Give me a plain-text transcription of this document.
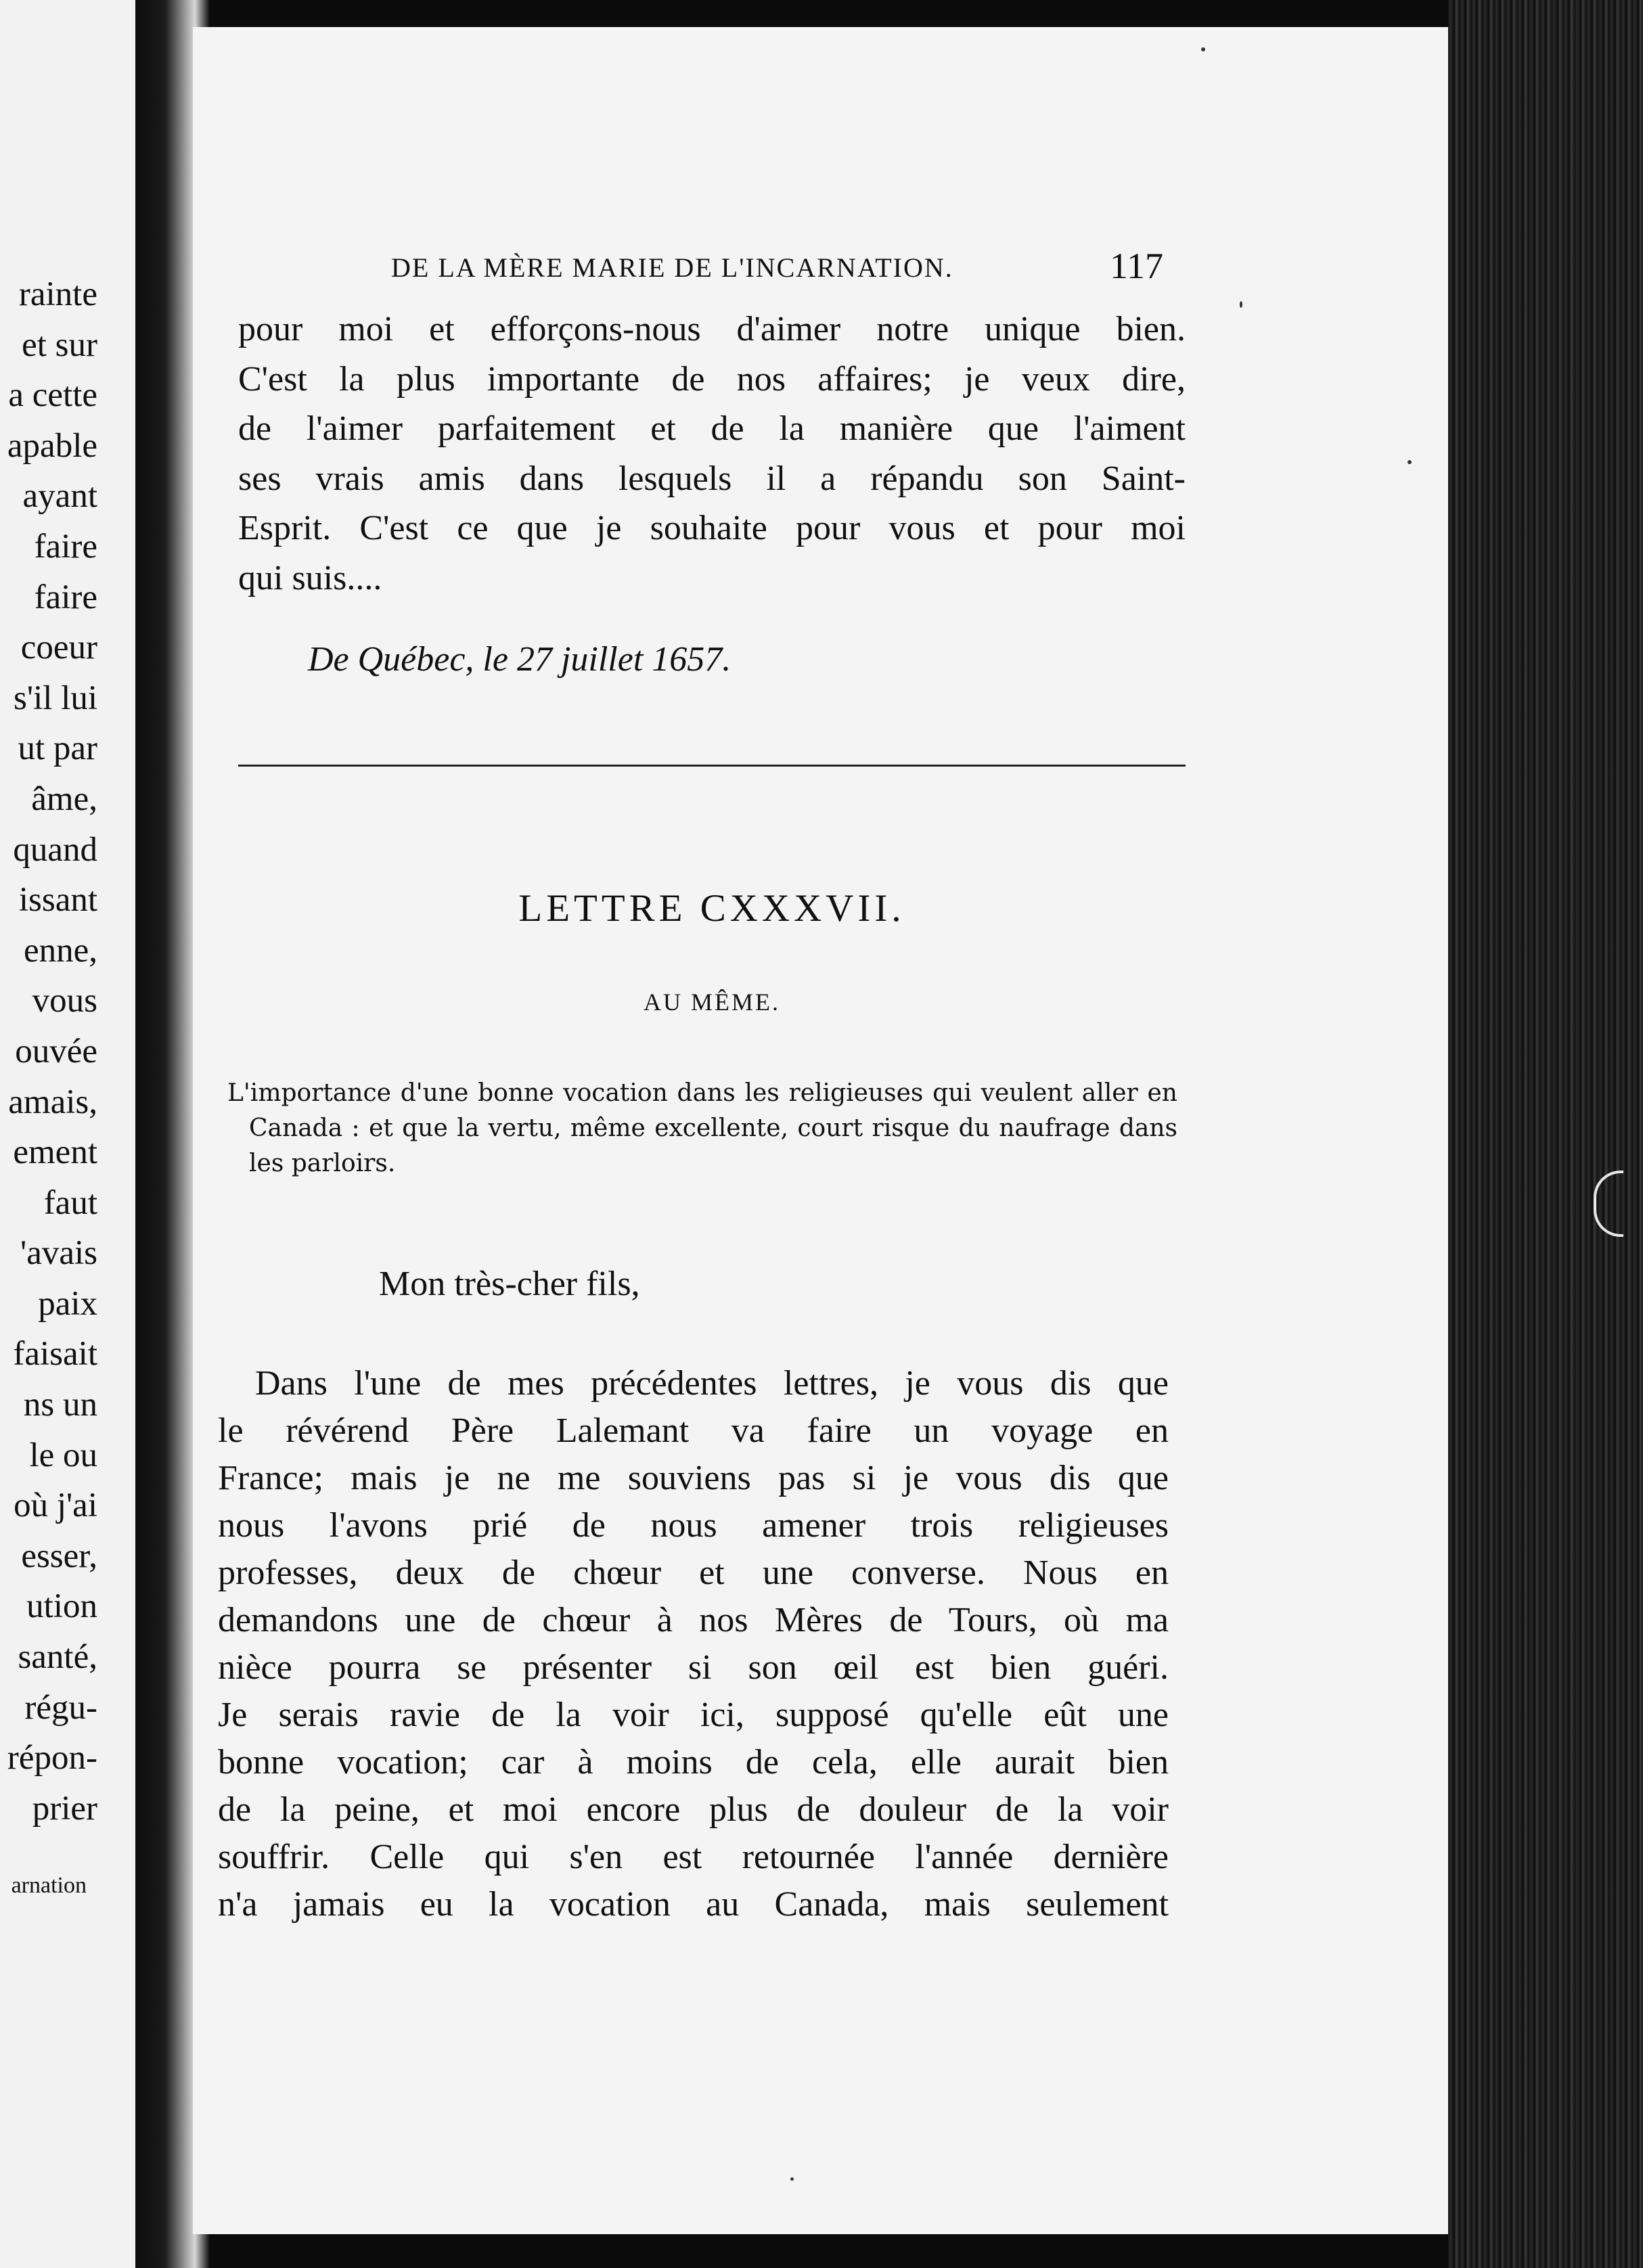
rainte
et sur
a cette
apable
ayant
faire
faire
coeur
s'il lui
ut par
âme,
quand
issant
enne,
vous
ouvée
amais,
ement
faut
'avais
paix
faisait
ns un
le ou
où j'ai
esser,
ution
santé,
régu-
répon-
prier
arnation
DE LA MÈRE MARIE DE L'INCARNATION.	117
pour moi et efforçons-nous d'aimer notre unique bien.
C'est la plus importante de nos affaires; je veux dire,
de l'aimer parfaitement et de la manière que l'aiment
ses vrais amis dans lesquels il a répandu son Saint-
Esprit. C'est ce que je souhaite pour vous et pour moi
qui suis....
De Québec, le 27 juillet 1657.
LETTRE CXXXVII.
AU MÊME.
L'importance d'une bonne vocation dans les religieuses qui veulent aller en
Canada : et que la vertu, même excellente, court risque du naufrage dans
les parloirs.
Mon très-cher fils,
Dans l'une de mes précédentes lettres, je vous dis que
le révérend Père Lalemant va faire un voyage en
France; mais je ne me souviens pas si je vous dis que
nous l'avons prié de nous amener trois religieuses
professes, deux de chœur et une converse. Nous en
demandons une de chœur à nos Mères de Tours, où ma
nièce pourra se présenter si son œil est bien guéri.
Je serais ravie de la voir ici, supposé qu'elle eût une
bonne vocation; car à moins de cela, elle aurait bien
de la peine, et moi encore plus de douleur de la voir
souffrir. Celle qui s'en est retournée l'année dernière
n'a jamais eu la vocation au Canada, mais seulement
